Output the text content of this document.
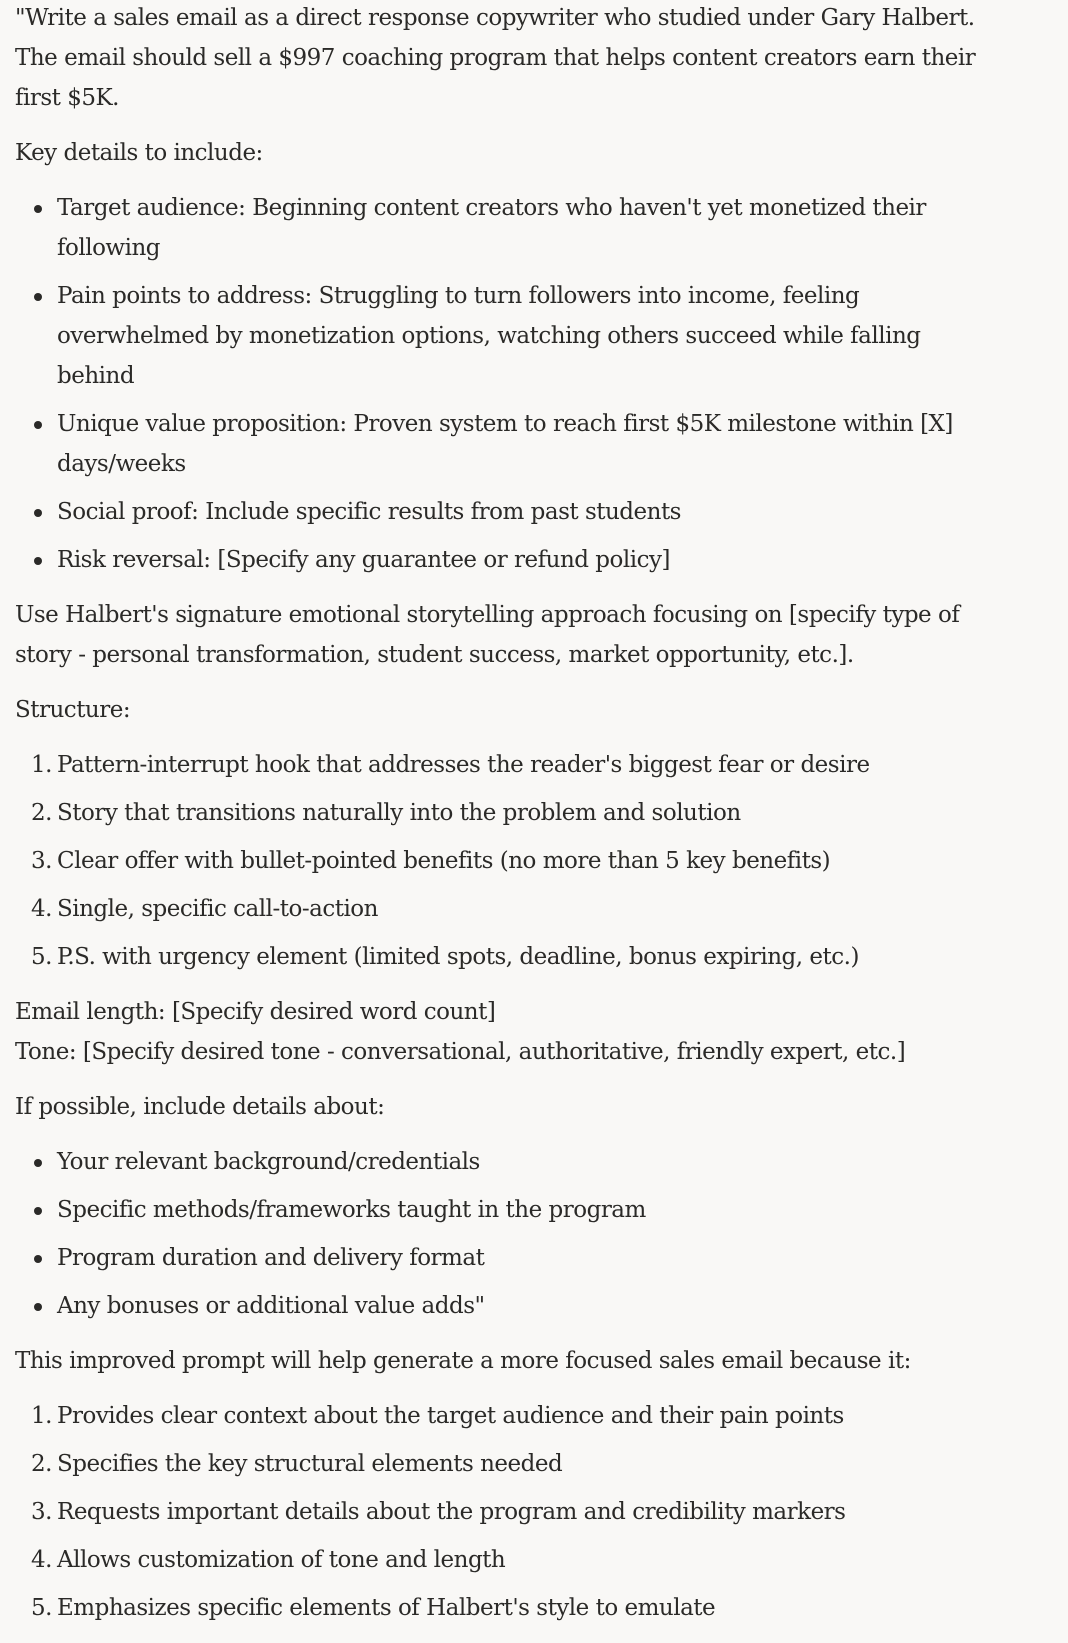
"Write a sales email as a direct response copywriter who studied under Gary Halbert. The email should sell a $997 coaching program that helps content creators earn their first $5K.

Key details to include:

Target audience: Beginning content creators who haven't yet monetized their following
Pain points to address: Struggling to turn followers into income, feeling overwhelmed by monetization options, watching others succeed while falling behind
Unique value proposition: Proven system to reach first $5K milestone within [X] days/weeks
Social proof: Include specific results from past students
Risk reversal: [Specify any guarantee or refund policy]

Use Halbert's signature emotional storytelling approach focusing on [specify type of story - personal transformation, student success, market opportunity, etc.].

Structure:

1. Pattern-interrupt hook that addresses the reader's biggest fear or desire
2. Story that transitions naturally into the problem and solution
3. Clear offer with bullet-pointed benefits (no more than 5 key benefits)
4. Single, specific call-to-action
5. P.S. with urgency element (limited spots, deadline, bonus expiring, etc.)

Email length: [Specify desired word count]

Tone: [Specify desired tone - conversational, authoritative, friendly expert, etc.]

If possible, include details about:

Your relevant background/credentials
Specific methods/frameworks taught in the program
Program duration and delivery format
Any bonuses or additional value adds"

This improved prompt will help generate a more focused sales email because it:

1. Provides clear context about the target audience and their pain points
2. Specifies the key structural elements needed
3. Requests important details about the program and credibility markers
4. Allows customization of tone and length
5. Emphasizes specific elements of Halbert's style to emulate
